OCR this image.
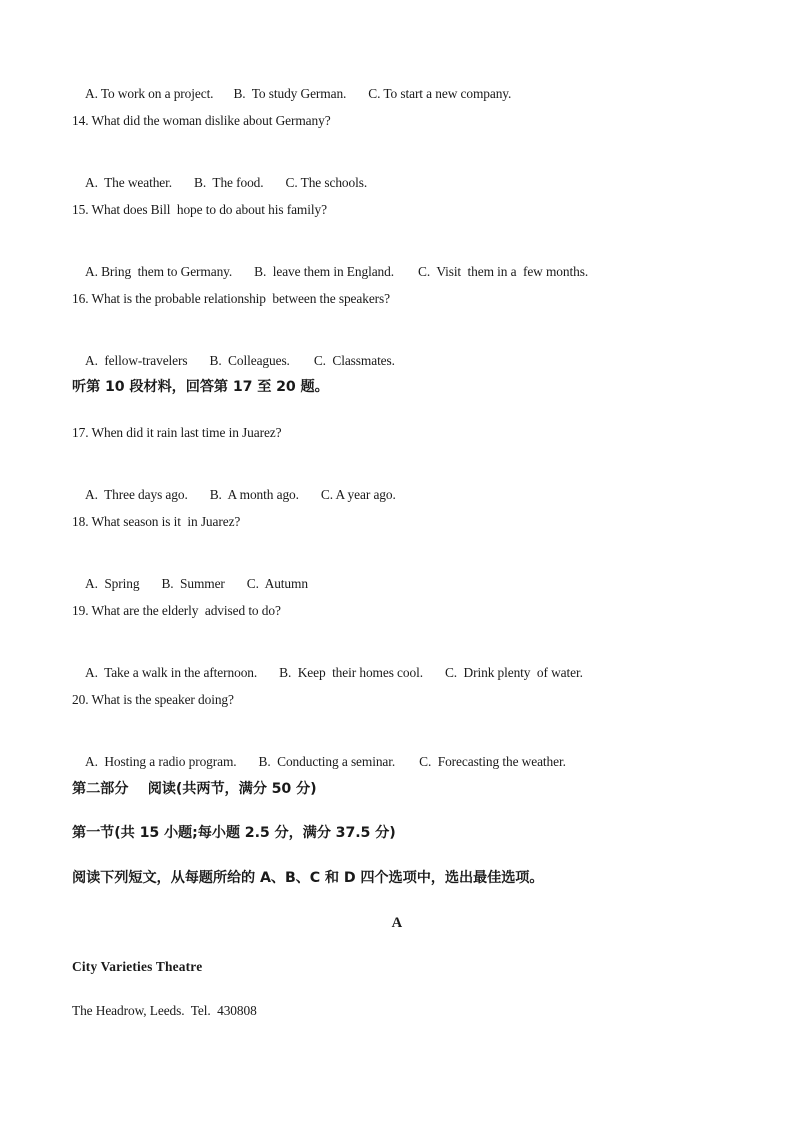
A. To work on a project. B.  To study German. C. To start a new company.

14. What did the woman dislike about Germany?

A.  The weather. B.  The food. C. The schools.

15. What does Bill  hope to do about his family?

A. Bring  them to Germany. B.  leave them in England. C.  Visit  them in a  few months.

16. What is the probable relationship  between the speakers?

A.  fellow-travelers B.  Colleagues. C.  Classmates.

听第 10 段材料，回答第 17 至 20 题。
17. When did it rain last time in Juarez?

A.  Three days ago. B.  A month ago. C. A year ago.

18. What season is it  in Juarez?

A.  Spring B.  Summer C.  Autumn

19. What are the elderly  advised to do?

A.  Take a walk in the afternoon. B.  Keep  their homes cool. C.  Drink plenty  of water.

20. What is the speaker doing?

A.  Hosting a radio program. B.  Conducting a seminar. C.  Forecasting the weather.

第二部分    阅读(共两节，满分 50 分)
第一节(共 15 小题;每小题 2.5 分，满分 37.5 分)
阅读下列短文，从每题所给的 A、B、C 和 D 四个选项中，选出最佳选项。
A
City Varieties Theatre
The Headrow, Leeds.  Tel.  430808
